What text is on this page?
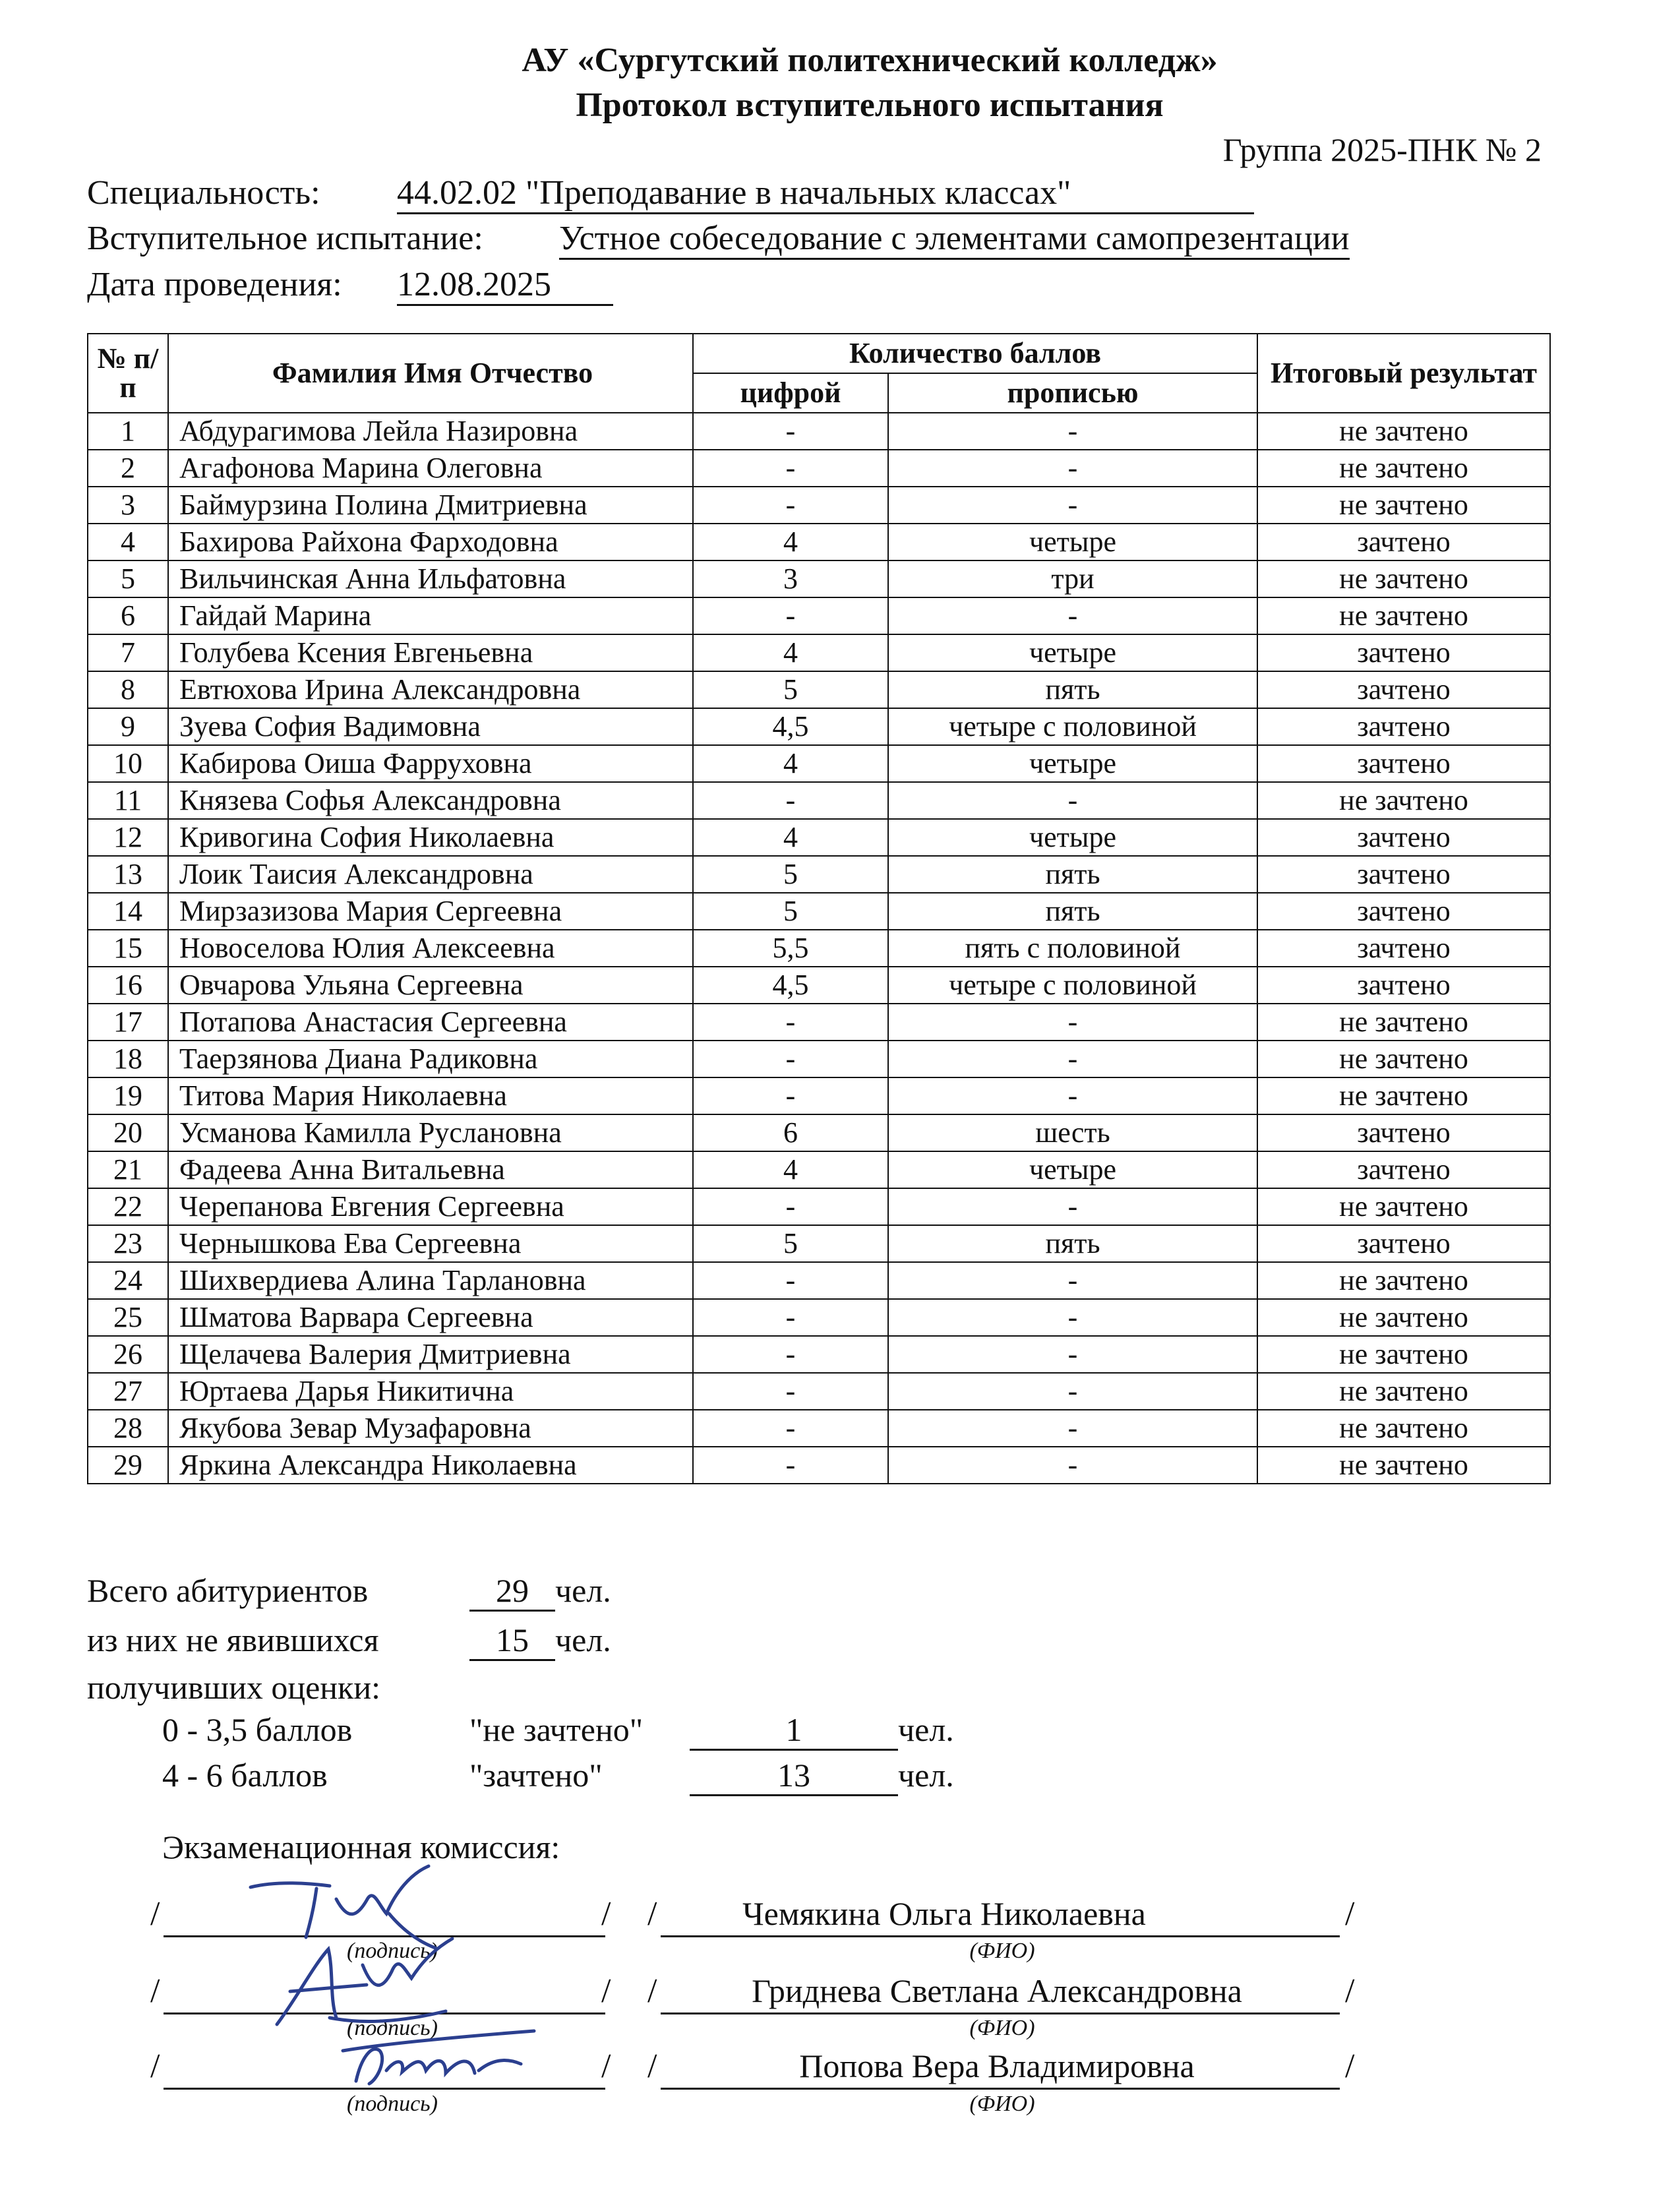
АУ «Сургутский политехнический колледж»
Протокол вступительного испытания
Группа 2025-ПНК № 2
Специальность: 44.02.02 "Преподавание в начальных классах"
Вступительное испытание: Устное собеседование с элементами самопрезентации
Дата проведения: 12.08.2025
№ п/п	Фамилия Имя Отчество	Количество баллов		Итоговый результат
		цифрой	прописью	
1	Абдурагимова Лейла Назировна	-	-	не зачтено
2	Агафонова Марина Олеговна	-	-	не зачтено
3	Баймурзина Полина Дмитриевна	-	-	не зачтено
4	Бахирова Райхона Фарходовна	4	четыре	зачтено
5	Вильчинская Анна Ильфатовна	3	три	не зачтено
6	Гайдай Марина	-	-	не зачтено
7	Голубева Ксения Евгеньевна	4	четыре	зачтено
8	Евтюхова Ирина Александровна	5	пять	зачтено
9	Зуева София Вадимовна	4,5	четыре с половиной	зачтено
10	Кабирова Оиша Фарруховна	4	четыре	зачтено
11	Князева Софья Александровна	-	-	не зачтено
12	Кривогина София Николаевна	4	четыре	зачтено
13	Лоик Таисия Александровна	5	пять	зачтено
14	Мирзазизова Мария Сергеевна	5	пять	зачтено
15	Новоселова Юлия Алексеевна	5,5	пять с половиной	зачтено
16	Овчарова Ульяна Сергеевна	4,5	четыре с половиной	зачтено
17	Потапова Анастасия Сергеевна	-	-	не зачтено
18	Таерзянова Диана Радиковна	-	-	не зачтено
19	Титова Мария Николаевна	-	-	не зачтено
20	Усманова Камилла Руслановна	6	шесть	зачтено
21	Фадеева Анна Витальевна	4	четыре	зачтено
22	Черепанова Евгения Сергеевна	-	-	не зачтено
23	Чернышкова Ева Сергеевна	5	пять	зачтено
24	Шихвердиева Алина Тарлановна	-	-	не зачтено
25	Шматова Варвара Сергеевна	-	-	не зачтено
26	Щелачева Валерия Дмитриевна	-	-	не зачтено
27	Юртаева Дарья Никитична	-	-	не зачтено
28	Якубова Зевар Музафаровна	-	-	не зачтено
29	Яркина Александра Николаевна	-	-	не зачтено
Всего абитуриентов	29 чел.
из них не явившихся	15 чел.
получивших оценки:
0 - 3,5 баллов	"не зачтено"	1	чел.
4 - 6 баллов	"зачтено"	13	чел.
Экзаменационная комиссия:
/	/ /	/
Чемякина Ольга Николаевна
(подпись)	(ФИО)
/	/ /	/
Гриднева Светлана Александровна
(подпись)	(ФИО)
/	/ /	/
Попова Вера Владимировна
(подпись)	(ФИО)
